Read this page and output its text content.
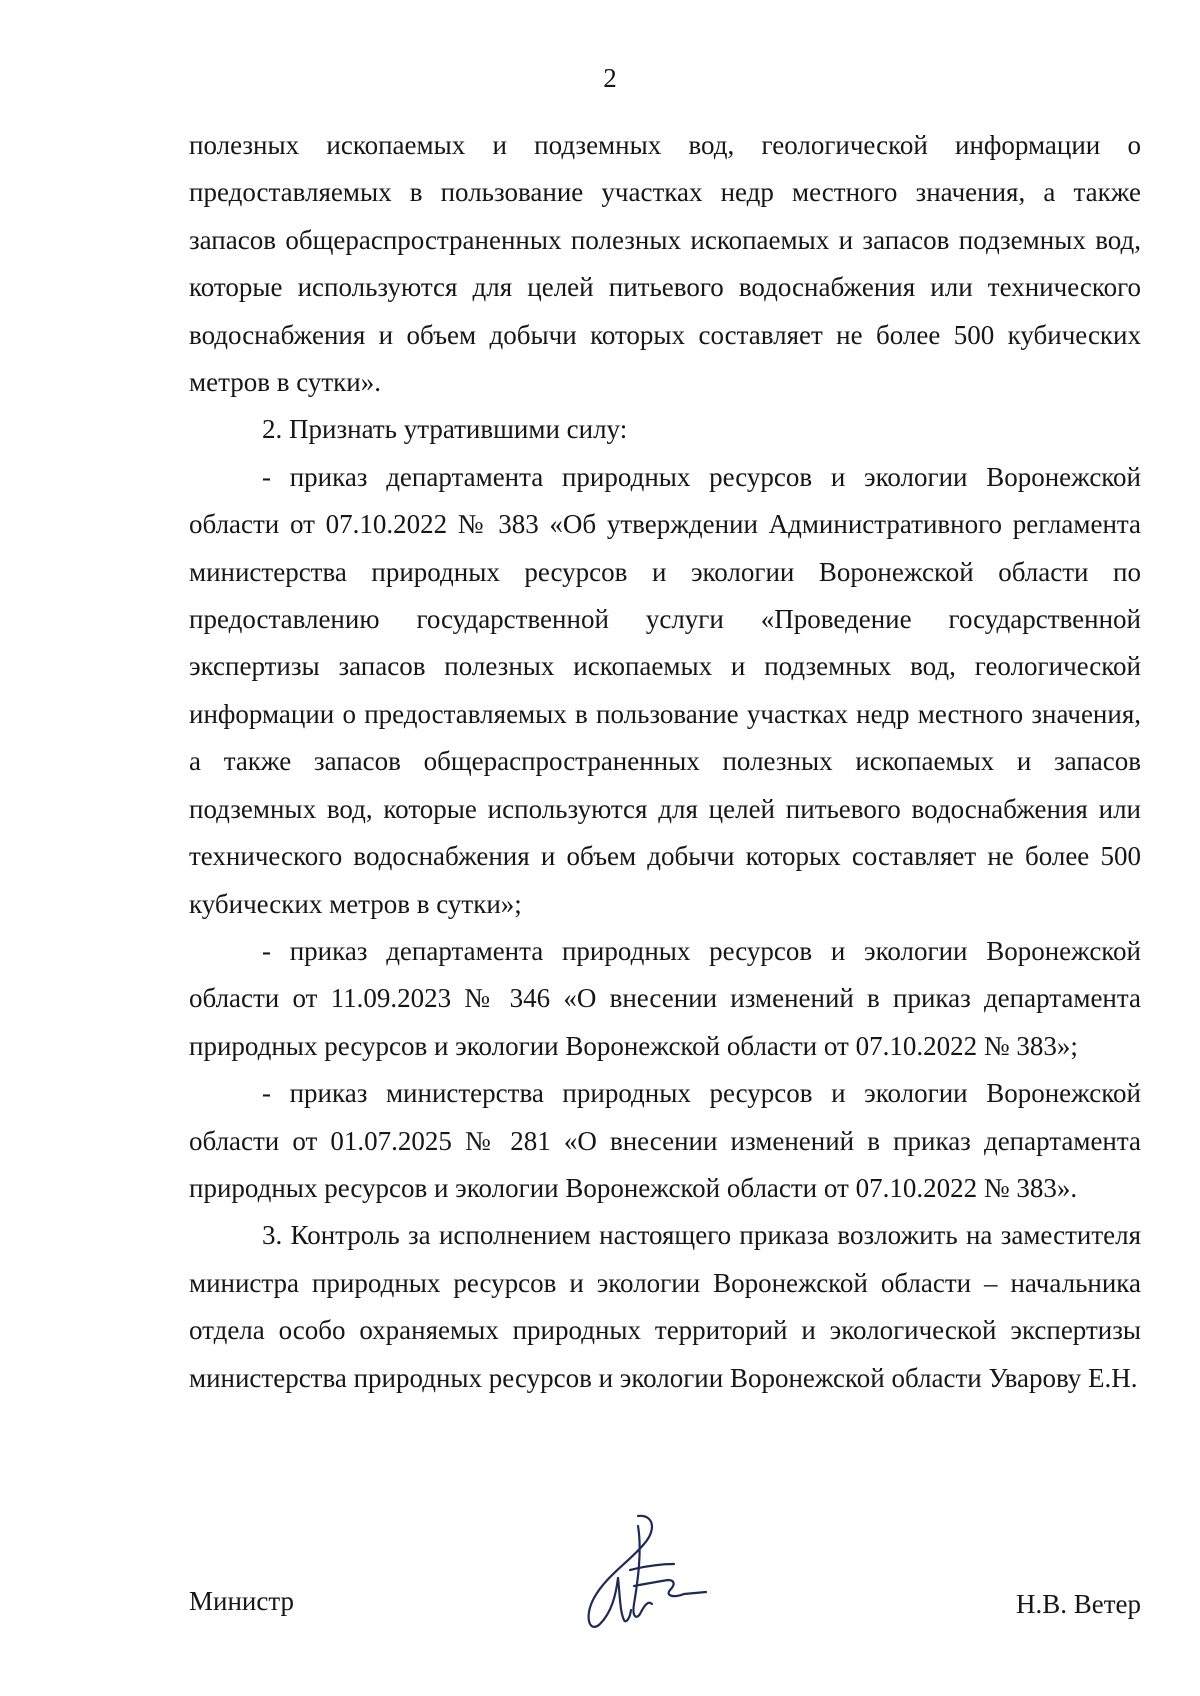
2

полезных ископаемых и подземных вод, геологической информации о предоставляемых в пользование участках недр местного значения, а также запасов общераспространенных полезных ископаемых и запасов подземных вод, которые используются для целей питьевого водоснабжения или технического водоснабжения и объем добычи которых составляет не более 500 кубических метров в сутки».

2. Признать утратившими силу:

- приказ департамента природных ресурсов и экологии Воронежской области от 07.10.2022 № 383 «Об утверждении Административного регламента министерства природных ресурсов и экологии Воронежской области по предоставлению государственной услуги «Проведение государственной экспертизы запасов полезных ископаемых и подземных вод, геологической информации о предоставляемых в пользование участках недр местного значения, а также запасов общераспространенных полезных ископаемых и запасов подземных вод, которые используются для целей питьевого водоснабжения или технического водоснабжения и объем добычи которых составляет не более 500 кубических метров в сутки»;

- приказ департамента природных ресурсов и экологии Воронежской области от 11.09.2023 № 346 «О внесении изменений в приказ департамента природных ресурсов и экологии Воронежской области от 07.10.2022 № 383»;

- приказ министерства природных ресурсов и экологии Воронежской области от 01.07.2025 № 281 «О внесении изменений в приказ департамента природных ресурсов и экологии Воронежской области от 07.10.2022 № 383».

3. Контроль за исполнением настоящего приказа возложить на заместителя министра природных ресурсов и экологии Воронежской области – начальника отдела особо охраняемых природных территорий и экологической экспертизы министерства природных ресурсов и экологии Воронежской области Уварову Е.Н.

Министр	Н.В. Ветер
